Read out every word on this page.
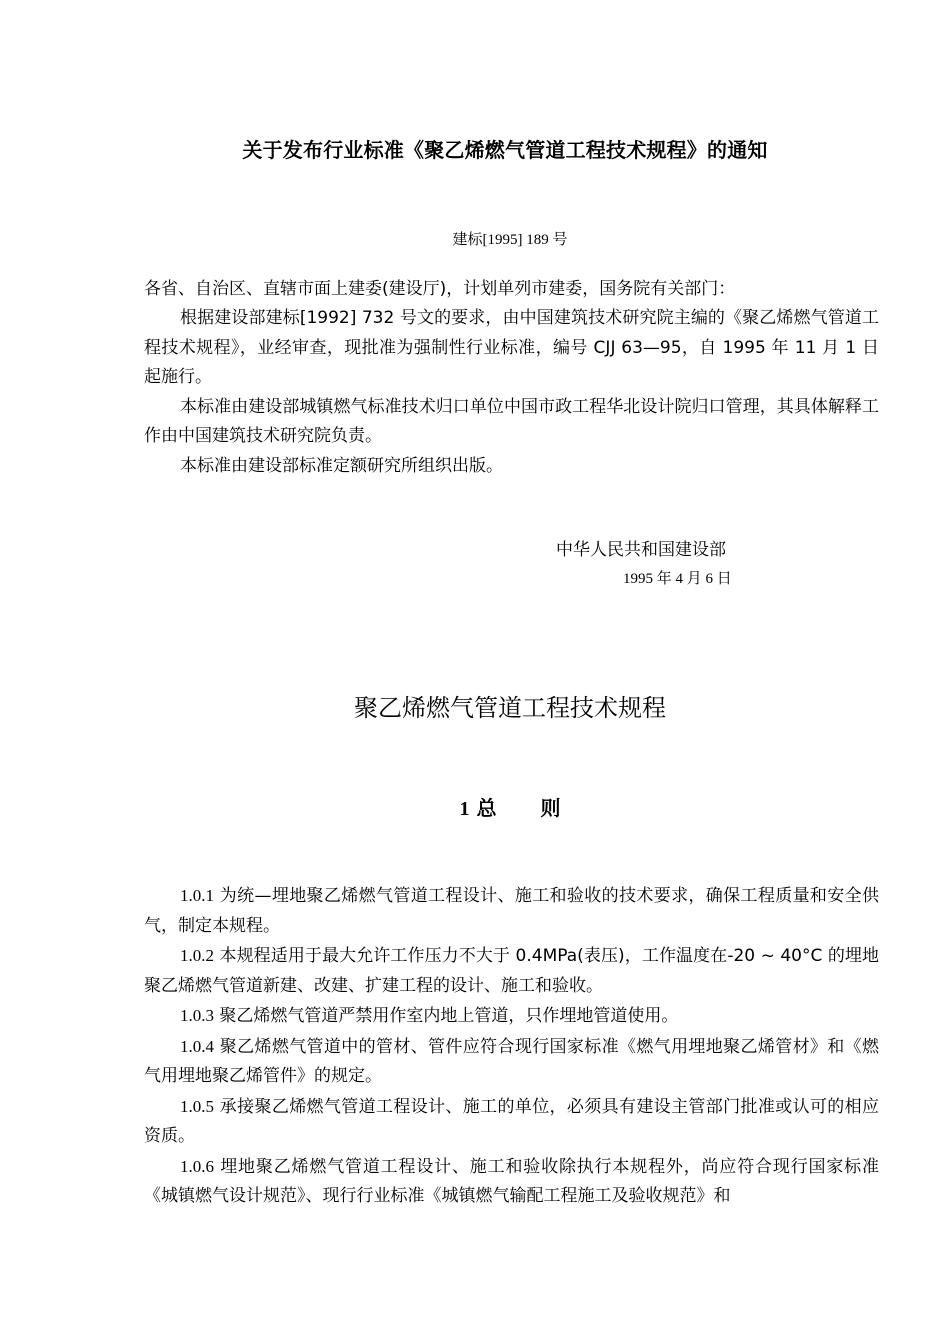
关于发布行业标准《聚乙烯燃气管道工程技术规程》的通知
建标[1995] 189 号

各省、自治区、直辖市面上建委(建设厅)，计划单列市建委，国务院有关部门：

根据建设部建标[1992] 732 号文的要求，由中国建筑技术研究院主编的《聚乙烯燃气管道工程技术规程》，业经审查，现批准为强制性行业标准，编号 CJJ 63—95，自 1995 年 11 月 1 日起施行。

本标准由建设部城镇燃气标准技术归口单位中国市政工程华北设计院归口管理，其具体解释工作由中国建筑技术研究院负责。

本标准由建设部标准定额研究所组织出版。

中华人民共和国建设部
1995 年 4 月 6 日
聚乙烯燃气管道工程技术规程
1 总 则

1.0.1 为统—埋地聚乙烯燃气管道工程设计、施工和验收的技术要求，确保工程质量和安全供气，制定本规程。

1.0.2 本规程适用于最大允许工作压力不大于 0.4MPa(表压)，工作温度在-20 ~ 40°C 的埋地聚乙烯燃气管道新建、改建、扩建工程的设计、施工和验收。

1.0.3 聚乙烯燃气管道严禁用作室内地上管道，只作埋地管道使用。

1.0.4 聚乙烯燃气管道中的管材、管件应符合现行国家标准《燃气用埋地聚乙烯管材》和《燃气用埋地聚乙烯管件》的规定。

1.0.5 承接聚乙烯燃气管道工程设计、施工的单位，必须具有建设主管部门批准或认可的相应资质。

1.0.6 埋地聚乙烯燃气管道工程设计、施工和验收除执行本规程外，尚应符合现行国家标准《城镇燃气设计规范》、现行行业标准《城镇燃气输配工程施工及验收规范》和
